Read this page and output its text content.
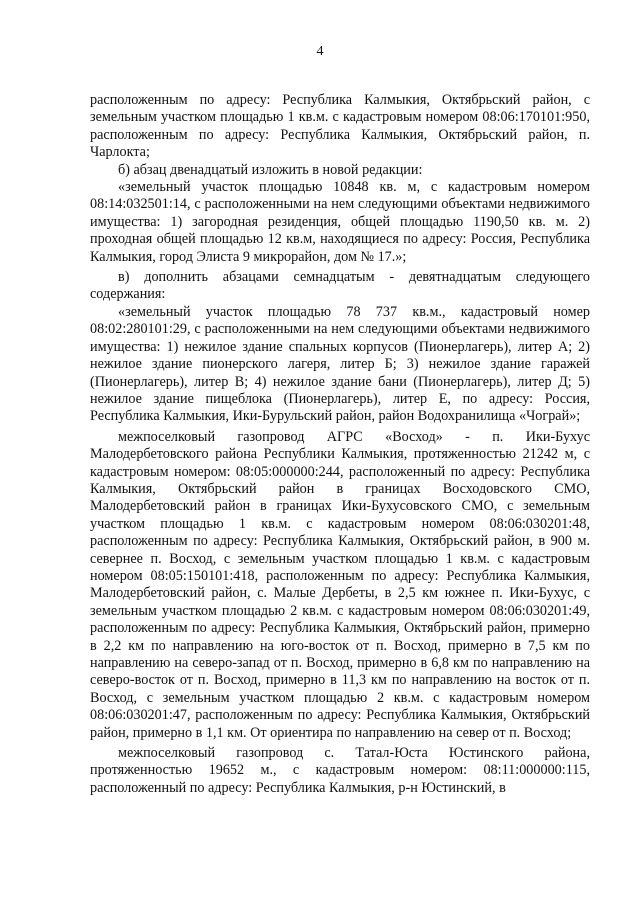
4

расположенным по адресу: Республика Калмыкия, Октябрьский район, с земельным участком площадью 1 кв.м. с кадастровым номером 08:06:170101:950, расположенным по адресу: Республика Калмыкия, Октябрьский район, п. Чарлокта;

б) абзац двенадцатый изложить в новой редакции:

«земельный участок площадью 10848 кв. м, с кадастровым номером 08:14:032501:14, с расположенными на нем следующими объектами недвижимого имущества: 1) загородная резиденция, общей площадью 1190,50 кв. м. 2) проходная общей площадью 12 кв.м, находящиеся по адресу: Россия, Республика Калмыкия, город Элиста 9 микрорайон, дом № 17.»;

в) дополнить абзацами семнадцатым - девятнадцатым следующего содержания:

«земельный участок площадью 78 737 кв.м., кадастровый номер 08:02:280101:29, с расположенными на нем следующими объектами недвижимого имущества: 1) нежилое здание спальных корпусов (Пионерлагерь), литер А; 2) нежилое здание пионерского лагеря, литер Б; 3) нежилое здание гаражей (Пионерлагерь), литер В; 4) нежилое здание бани (Пионерлагерь), литер Д; 5) нежилое здание пищеблока (Пионерлагерь), литер Е, по адресу: Россия, Республика Калмыкия, Ики-Бурульский район, район Водохранилища «Чограй»;

межпоселковый газопровод АГРС «Восход» - п. Ики-Бухус Малодербетовского района Республики Калмыкия, протяженностью 21242 м, с кадастровым номером: 08:05:000000:244, расположенный по адресу: Республика Калмыкия, Октябрьский район в границах Восходовского СМО, Малодербетовский район в границах Ики-Бухусовского СМО, с земельным участком площадью 1 кв.м. с кадастровым номером 08:06:030201:48, расположенным по адресу: Республика Калмыкия, Октябрьский район, в 900 м. севернее п. Восход, с земельным участком площадью 1 кв.м. с кадастровым номером 08:05:150101:418, расположенным по адресу: Республика Калмыкия, Малодербетовский район, с. Малые Дербеты, в 2,5 км южнее п. Ики-Бухус, с земельным участком площадью 2 кв.м. с кадастровым номером 08:06:030201:49, расположенным по адресу: Республика Калмыкия, Октябрьский район, примерно в 2,2 км по направлению на юго-восток от п. Восход, примерно в 7,5 км по направлению на северо-запад от п. Восход, примерно в 6,8 км по направлению на северо-восток от п. Восход, примерно в 11,3 км по направлению на восток от п. Восход, с земельным участком площадью 2 кв.м. с кадастровым номером 08:06:030201:47, расположенным по адресу: Республика Калмыкия, Октябрьский район, примерно в 1,1 км. От ориентира по направлению на север от п. Восход;

межпоселковый газопровод с. Татал-Юста Юстинского района, протяженностью 19652 м., с кадастровым номером: 08:11:000000:115, расположенный по адресу: Республика Калмыкия, р-н Юстинский, в
